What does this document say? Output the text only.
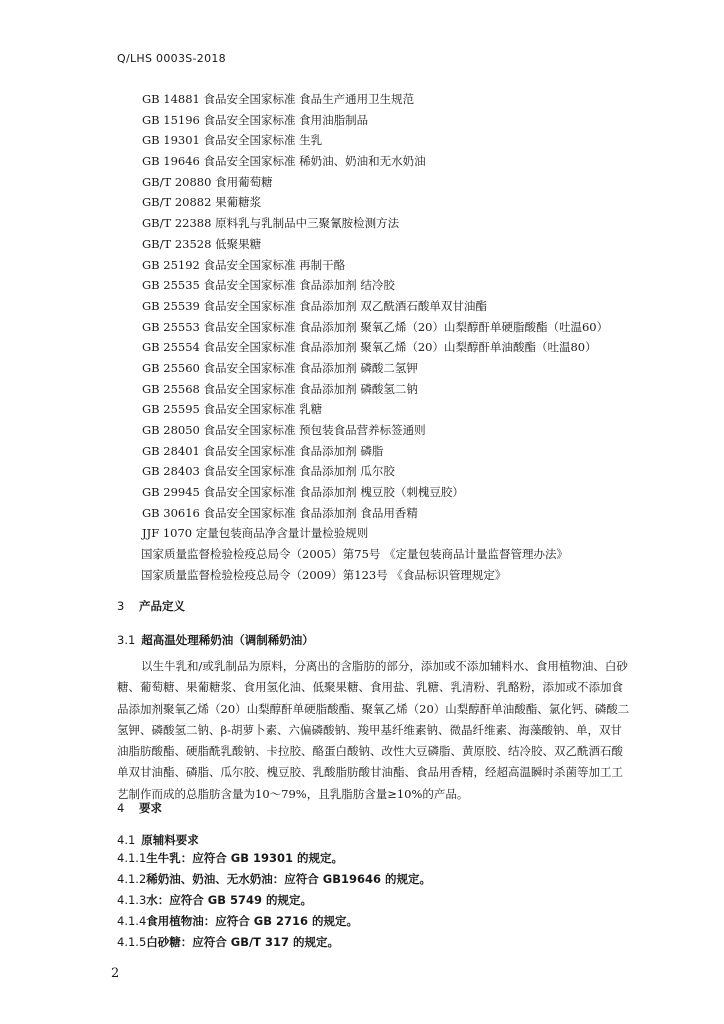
Q/LHS 0003S-2018
GB 14881 食品安全国家标准 食品生产通用卫生规范
GB 15196 食品安全国家标准 食用油脂制品
GB 19301 食品安全国家标准 生乳
GB 19646 食品安全国家标准 稀奶油、奶油和无水奶油
GB/T 20880 食用葡萄糖
GB/T 20882 果葡糖浆
GB/T 22388 原料乳与乳制品中三聚氰胺检测方法
GB/T 23528 低聚果糖
GB 25192 食品安全国家标准 再制干酪
GB 25535 食品安全国家标准 食品添加剂 结冷胶
GB 25539 食品安全国家标准 食品添加剂 双乙酰酒石酸单双甘油酯
GB 25553 食品安全国家标准 食品添加剂 聚氧乙烯（20）山梨醇酐单硬脂酸酯（吐温60）
GB 25554 食品安全国家标准 食品添加剂 聚氧乙烯（20）山梨醇酐单油酸酯（吐温80）
GB 25560 食品安全国家标准 食品添加剂 磷酸二氢钾
GB 25568 食品安全国家标准 食品添加剂 磷酸氢二钠
GB 25595 食品安全国家标准 乳糖
GB 28050 食品安全国家标准 预包装食品营养标签通则
GB 28401 食品安全国家标准 食品添加剂 磷脂
GB 28403 食品安全国家标准 食品添加剂 瓜尔胶
GB 29945 食品安全国家标准 食品添加剂 槐豆胶（刺槐豆胶）
GB 30616 食品安全国家标准 食品添加剂 食品用香精
JJF 1070 定量包装商品净含量计量检验规则
国家质量监督检验检疫总局令（2005）第75号 《定量包装商品计量监督管理办法》
国家质量监督检验检疫总局令（2009）第123号 《食品标识管理规定》
3 产品定义
3.1 超高温处理稀奶油（调制稀奶油）
以生牛乳和/或乳制品为原料，分离出的含脂肪的部分，添加或不添加辅料水、食用植物油、白砂
糖、葡萄糖、果葡糖浆、食用氢化油、低聚果糖、食用盐、乳糖、乳清粉、乳酪粉，添加或不添加食
品添加剂聚氧乙烯（20）山梨醇酐单硬脂酸酯、聚氧乙烯（20）山梨醇酐单油酸酯、氯化钙、磷酸二
氢钾、磷酸氢二钠、β-胡萝卜素、六偏磷酸钠、羧甲基纤维素钠、微晶纤维素、海藻酸钠、单，双甘
油脂肪酸酯、硬脂酰乳酸钠、卡拉胶、酪蛋白酸钠、改性大豆磷脂、黄原胶、结冷胶、双乙酰酒石酸
单双甘油酯、磷脂、瓜尔胶、槐豆胶、乳酸脂肪酸甘油酯、食品用香精，经超高温瞬时杀菌等加工工
艺制作而成的总脂肪含量为10～79%，且乳脂肪含量≥10%的产品。
4 要求
4.1 原辅料要求
4.1.1生牛乳：应符合 GB 19301 的规定。
4.1.2稀奶油、奶油、无水奶油：应符合 GB19646 的规定。
4.1.3水：应符合 GB 5749 的规定。
4.1.4食用植物油：应符合 GB 2716 的规定。
4.1.5白砂糖：应符合 GB/T 317 的规定。
2
